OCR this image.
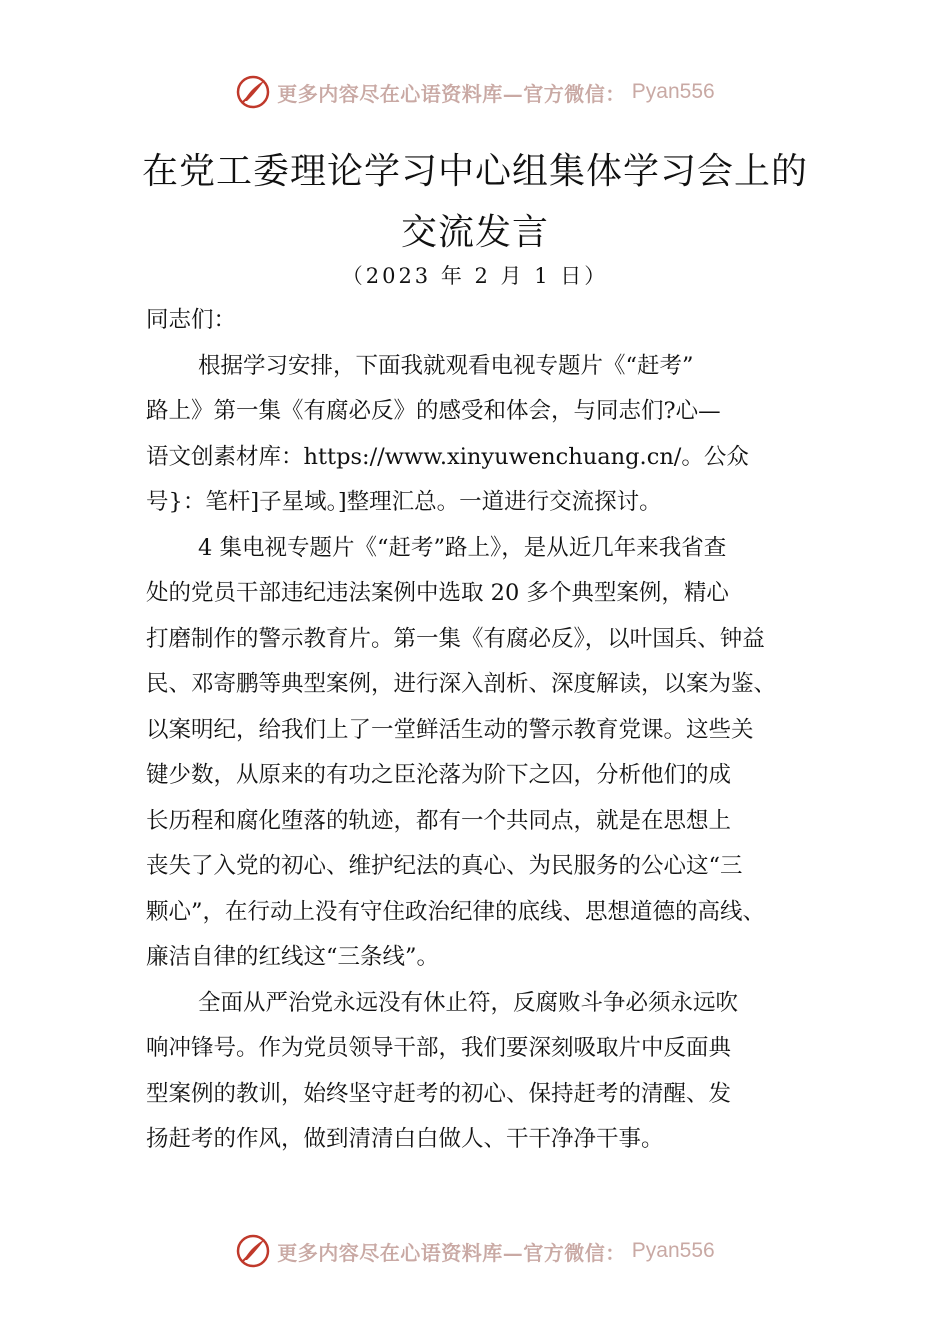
更多内容尽在心语资料库—官方微信： Pyan556
在党工委理论学习中心组集体学习会上的
交流发言
（2023 年 2 月 1 日）
同志们：
根据学习安排，下面我就观看电视专题片《“赶考”
路上》第一集《有腐必反》的感受和体会，与同志们?心—
语文创素材库：https://www.xinyuwenchuang.cn/。公众
号}：笔杆]子星域。]整理汇总。一道进行交流探讨。
4 集电视专题片《“赶考”路上》，是从近几年来我省查
处的党员干部违纪违法案例中选取 20 多个典型案例，精心
打磨制作的警示教育片。第一集《有腐必反》，以叶国兵、钟益
民、邓寄鹏等典型案例，进行深入剖析、深度解读，以案为鉴、
以案明纪，给我们上了一堂鲜活生动的警示教育党课。这些关
键少数，从原来的有功之臣沦落为阶下之囚，分析他们的成
长历程和腐化堕落的轨迹，都有一个共同点，就是在思想上
丧失了入党的初心、维护纪法的真心、为民服务的公心这“三
颗心”，在行动上没有守住政治纪律的底线、思想道德的高线、
廉洁自律的红线这“三条线”。
全面从严治党永远没有休止符，反腐败斗争必须永远吹
响冲锋号。作为党员领导干部，我们要深刻吸取片中反面典
型案例的教训，始终坚守赶考的初心、保持赶考的清醒、发
扬赶考的作风，做到清清白白做人、干干净净干事。
更多内容尽在心语资料库—官方微信： Pyan556
